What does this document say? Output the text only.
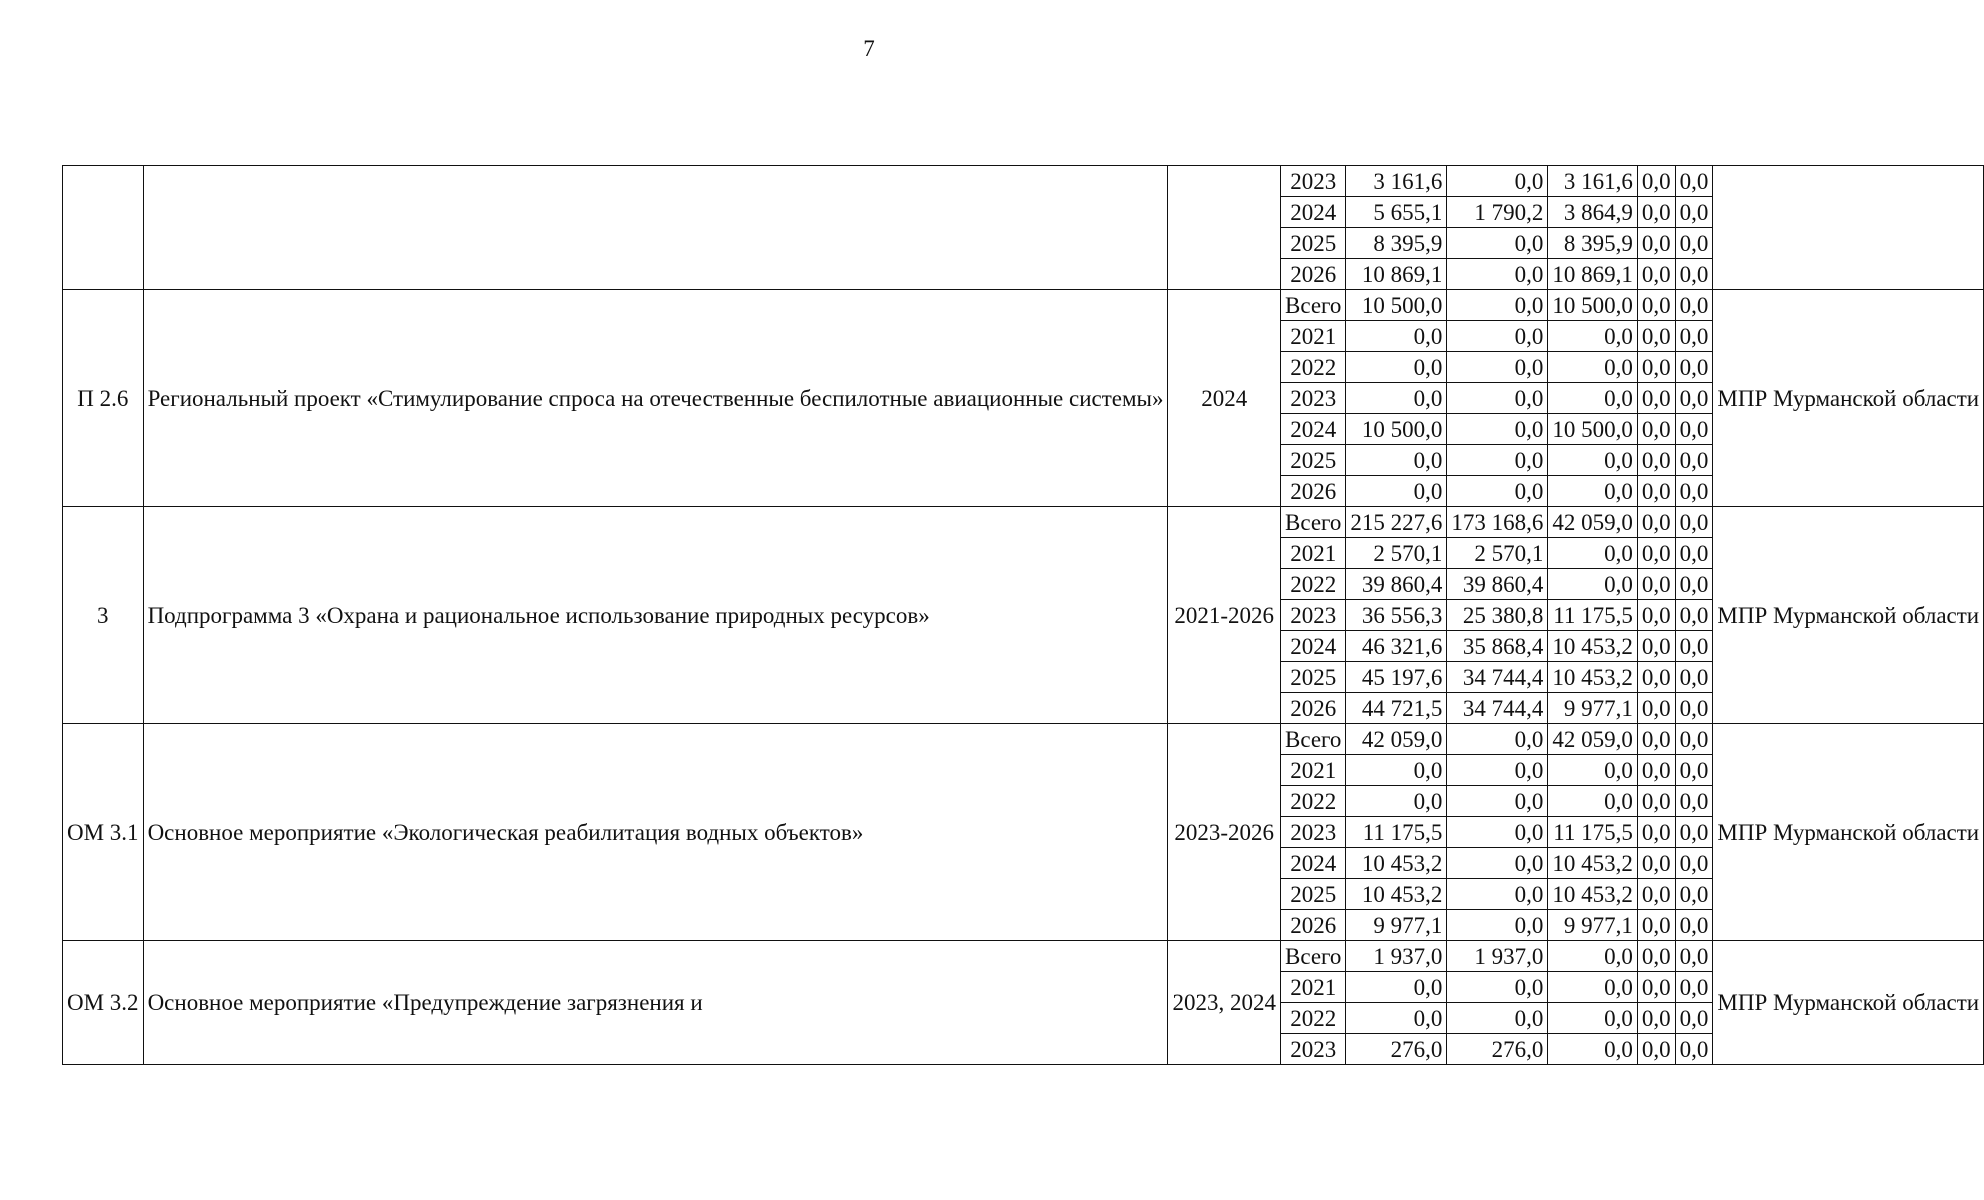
7
			2023	3 161,6	0,0	3 161,6	0,0	0,0	
			2024	5 655,1	1 790,2	3 864,9	0,0	0,0	
			2025	8 395,9	0,0	8 395,9	0,0	0,0	
			2026	10 869,1	0,0	10 869,1	0,0	0,0	
П 2.6	Региональный проект «Стимулирование спроса на отечественные беспилотные авиационные системы»	2024	Всего	10 500,0	0,0	10 500,0	0,0	0,0	МПР Мурманской области
			2021	0,0	0,0	0,0	0,0	0,0	
			2022	0,0	0,0	0,0	0,0	0,0	
			2023	0,0	0,0	0,0	0,0	0,0	
			2024	10 500,0	0,0	10 500,0	0,0	0,0	
			2025	0,0	0,0	0,0	0,0	0,0	
			2026	0,0	0,0	0,0	0,0	0,0	
3	Подпрограмма 3 «Охрана и рациональное использование природных ресурсов»	2021-2026	Всего	215 227,6	173 168,6	42 059,0	0,0	0,0	МПР Мурманской области
			2021	2 570,1	2 570,1	0,0	0,0	0,0	
			2022	39 860,4	39 860,4	0,0	0,0	0,0	
			2023	36 556,3	25 380,8	11 175,5	0,0	0,0	
			2024	46 321,6	35 868,4	10 453,2	0,0	0,0	
			2025	45 197,6	34 744,4	10 453,2	0,0	0,0	
			2026	44 721,5	34 744,4	9 977,1	0,0	0,0	
ОМ 3.1	Основное мероприятие «Экологическая реабилитация водных объектов»	2023-2026	Всего	42 059,0	0,0	42 059,0	0,0	0,0	МПР Мурманской области
			2021	0,0	0,0	0,0	0,0	0,0	
			2022	0,0	0,0	0,0	0,0	0,0	
			2023	11 175,5	0,0	11 175,5	0,0	0,0	
			2024	10 453,2	0,0	10 453,2	0,0	0,0	
			2025	10 453,2	0,0	10 453,2	0,0	0,0	
			2026	9 977,1	0,0	9 977,1	0,0	0,0	
ОМ 3.2	Основное мероприятие «Предупреждение загрязнения и	2023, 2024	Всего	1 937,0	1 937,0	0,0	0,0	0,0	МПР Мурманской области
			2021	0,0	0,0	0,0	0,0	0,0	
			2022	0,0	0,0	0,0	0,0	0,0	
			2023	276,0	276,0	0,0	0,0	0,0	
